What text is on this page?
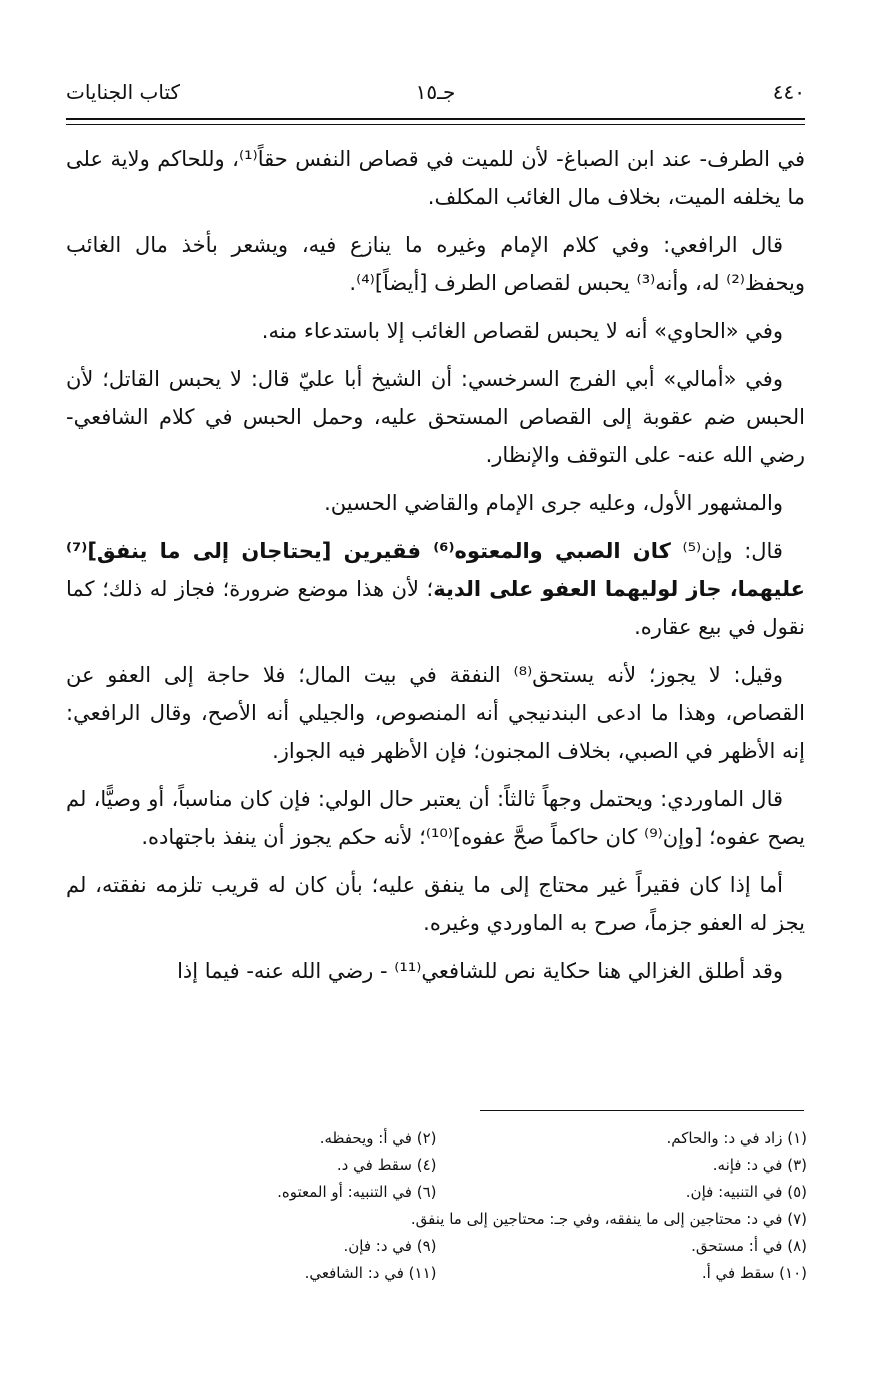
٤٤٠
جـ١٥
كتاب الجنايات

في الطرف- عند ابن الصباغ- لأن للميت في قصاص النفس حقاً⁽¹⁾، وللحاكم ولاية على ما يخلفه الميت، بخلاف مال الغائب المكلف.

قال الرافعي: وفي كلام الإمام وغيره ما ينازع فيه، ويشعر بأخذ مال الغائب ويحفظ⁽²⁾ له، وأنه⁽³⁾ يحبس لقصاص الطرف [أيضاً]⁽⁴⁾.

وفي «الحاوي» أنه لا يحبس لقصاص الغائب إلا باستدعاء منه.

وفي «أمالي» أبي الفرج السرخسي: أن الشيخ أبا عليّ قال: لا يحبس القاتل؛ لأن الحبس ضم عقوبة إلى القصاص المستحق عليه، وحمل الحبس في كلام الشافعي-رضي الله عنه- على التوقف والإنظار.

والمشهور الأول، وعليه جرى الإمام والقاضي الحسين.

قال: وإن⁽⁵⁾ كان الصبي والمعتوه⁽⁶⁾ فقيرين [يحتاجان إلى ما ينفق]⁽⁷⁾ عليهما، جاز لوليهما العفو على الدية؛ لأن هذا موضع ضرورة؛ فجاز له ذلك؛ كما نقول في بيع عقاره.

وقيل: لا يجوز؛ لأنه يستحق⁽⁸⁾ النفقة في بيت المال؛ فلا حاجة إلى العفو عن القصاص، وهذا ما ادعى البندنيجي أنه المنصوص، والجيلي أنه الأصح، وقال الرافعي: إنه الأظهر في الصبي، بخلاف المجنون؛ فإن الأظهر فيه الجواز.

قال الماوردي: ويحتمل وجهاً ثالثاً: أن يعتبر حال الولي: فإن كان مناسباً، أو وصيًّا، لم يصح عفوه؛ [وإن⁽⁹⁾ كان حاكماً صحَّ عفوه]⁽¹⁰⁾؛ لأنه حكم يجوز أن ينفذ باجتهاده.

أما إذا كان فقيراً غير محتاج إلى ما ينفق عليه؛ بأن كان له قريب تلزمه نفقته، لم يجز له العفو جزماً، صرح به الماوردي وغيره.

وقد أطلق الغزالي هنا حكاية نص للشافعي⁽¹¹⁾ - رضي الله عنه- فيما إذا

(١) زاد في د: والحاكم.
(٢) في أ: ويحفظه.
(٣) في د: فإنه.
(٤) سقط في د.
(٥) في التنبيه: فإن.
(٦) في التنبيه: أو المعتوه.
(٧) في د: محتاجين إلى ما ينفقه، وفي جـ: محتاجين إلى ما ينفق.
(٨) في أ: مستحق.
(٩) في د: فإن.
(١٠) سقط في أ.
(١١) في د: الشافعي.
